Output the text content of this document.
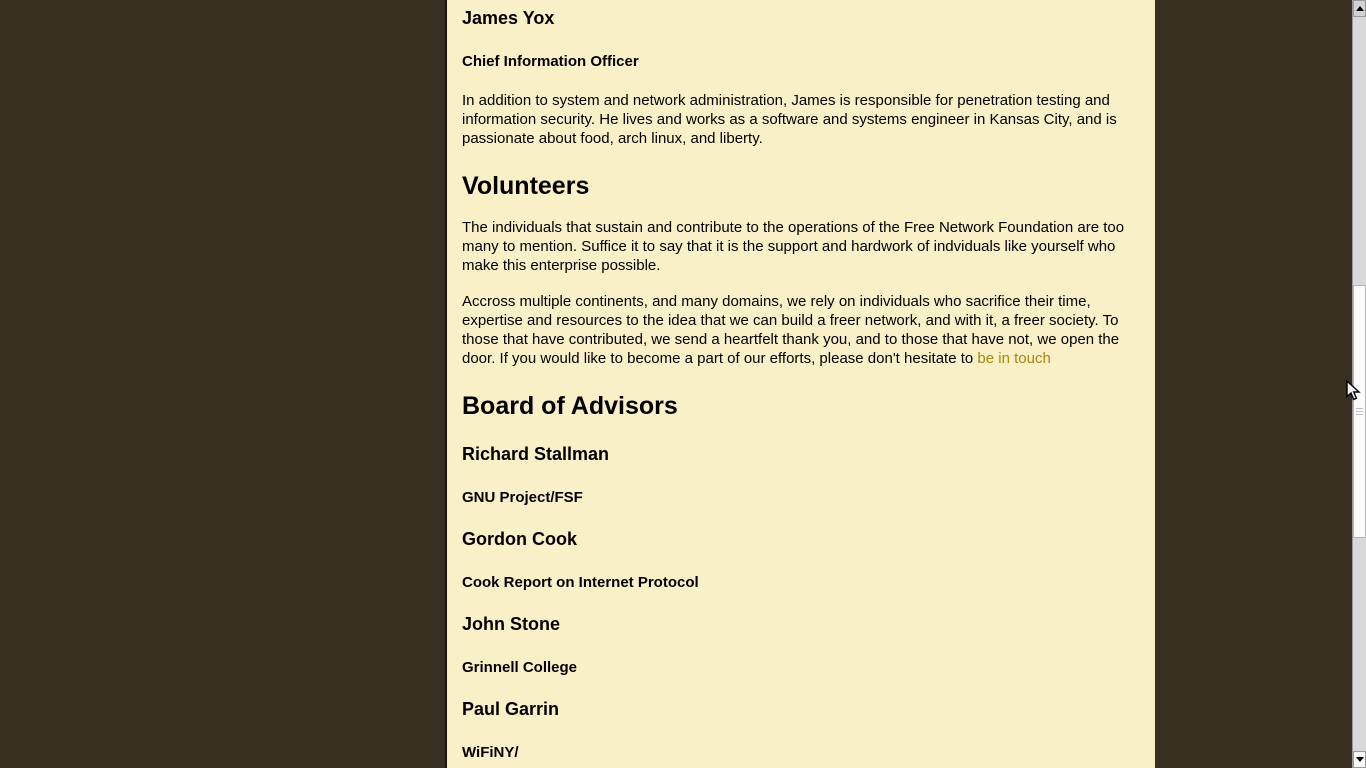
James Yox
Chief Information Officer

In addition to system and network administration, James is responsible for penetration testing and information security. He lives and works as a software and systems engineer in Kansas City, and is passionate about food, arch linux, and liberty.

Volunteers

The individuals that sustain and contribute to the operations of the Free Network Foundation are too many to mention. Suffice it to say that it is the support and hardwork of indviduals like yourself who make this enterprise possible.

Accross multiple continents, and many domains, we rely on individuals who sacrifice their time, expertise and resources to the idea that we can build a freer network, and with it, a freer society. To those that have contributed, we send a heartfelt thank you, and to those that have not, we open the door. If you would like to become a part of our efforts, please don't hesitate to be in touch

Board of Advisors
Richard Stallman
GNU Project/FSF
Gordon Cook
Cook Report on Internet Protocol
John Stone
Grinnell College
Paul Garrin
WiFiNY/
